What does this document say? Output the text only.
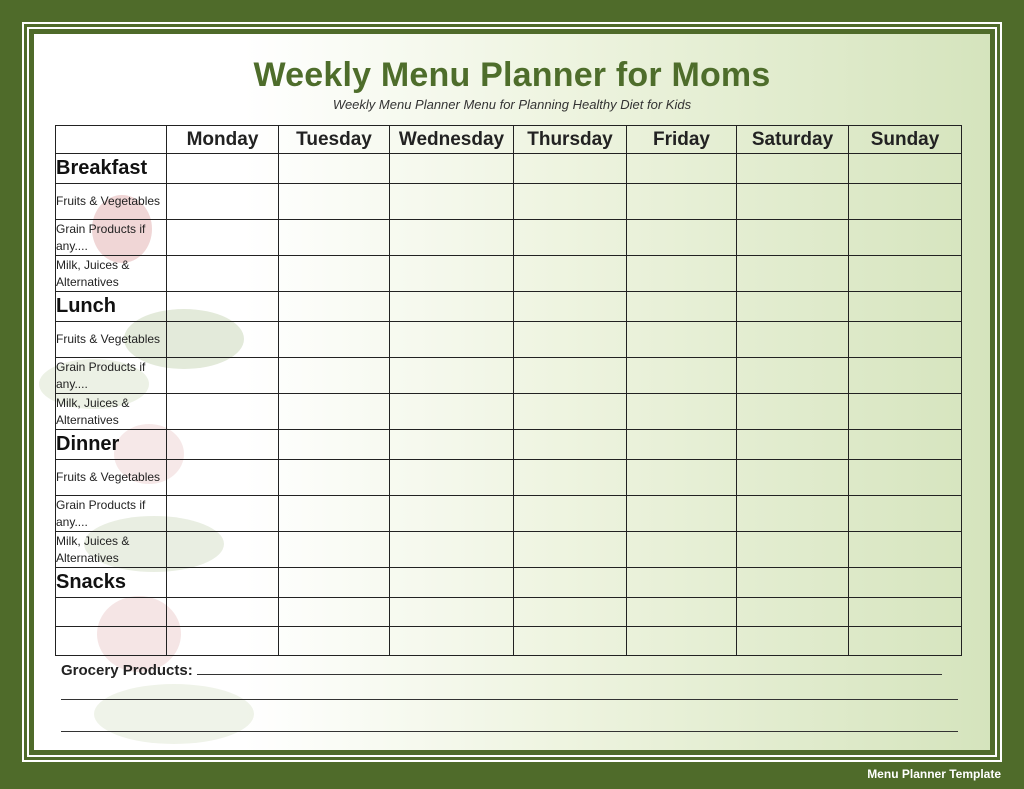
Weekly Menu Planner for Moms
Weekly Menu Planner Menu for Planning Healthy Diet for Kids
	Monday	Tuesday	Wednesday	Thursday	Friday	Saturday	Sunday
Breakfast							
Fruits & Vegetables							
Grain Products if any....							
Milk, Juices & Alternatives							
Lunch							
Fruits & Vegetables							
Grain Products if any....							
Milk, Juices & Alternatives							
Dinner							
Fruits & Vegetables							
Grain Products if any....							
Milk, Juices & Alternatives							
Snacks							

Grocery Products:
Menu Planner Template
